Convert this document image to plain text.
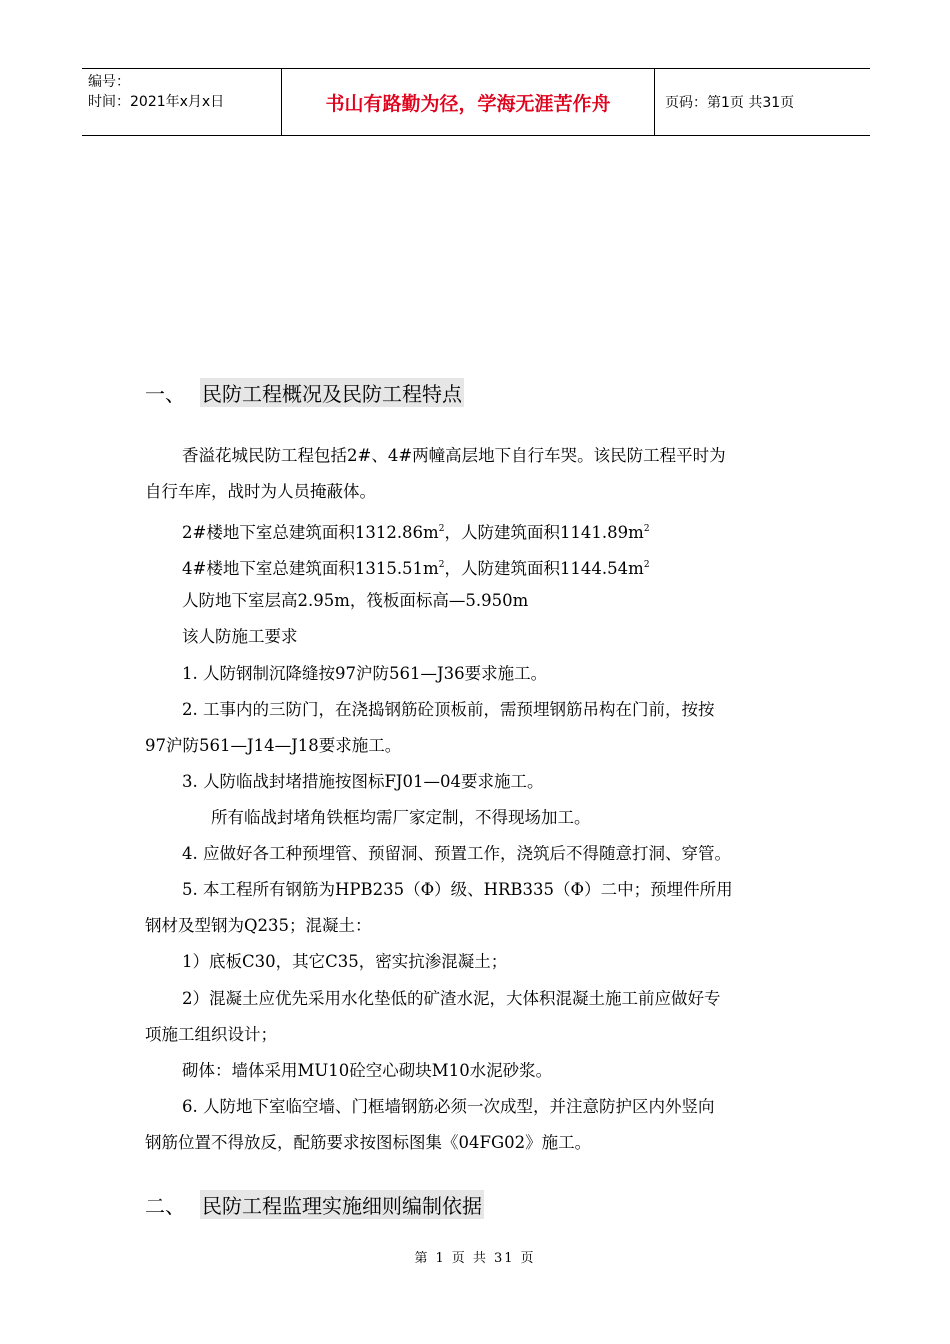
编号：
时间：2021年x月x日	书山有路勤为径，学海无涯苦作舟	页码：第1页 共31页
一、 民防工程概况及民防工程特点
香溢花城民防工程包括2#、4#两幢高层地下自行车哭。该民防工程平时为
自行车库，战时为人员掩蔽体。
2#楼地下室总建筑面积$1312.86m^2$，人防建筑面积$1141.89m^2$
4#楼地下室总建筑面积$1315.51m^2$，人防建筑面积$1144.54m^2$
人防地下室层高2.95m，筏板面标高—5.950m
该人防施工要求
1. 人防钢制沉降缝按97沪防561—J36要求施工。
2. 工事内的三防门，在浇捣钢筋砼顶板前，需预埋钢筋吊构在门前，按按
97沪防561—J14—J18要求施工。
3. 人防临战封堵措施按图标FJ01—04要求施工。
所有临战封堵角铁框均需厂家定制，不得现场加工。
4. 应做好各工种预埋管、预留洞、预置工作，浇筑后不得随意打洞、穿管。
5. 本工程所有钢筋为HPB235（Φ）级、HRB335（Φ）二中；预埋件所用
钢材及型钢为Q235；混凝土：
1）底板C30，其它C35，密实抗渗混凝土；
2）混凝土应优先采用水化垫低的矿渣水泥，大体积混凝土施工前应做好专
项施工组织设计；
砌体：墙体采用MU10砼空心砌块M10水泥砂浆。
6. 人防地下室临空墙、门框墙钢筋必须一次成型，并注意防护区内外竖向
钢筋位置不得放反，配筋要求按图标图集《04FG02》施工。
二、 民防工程监理实施细则编制依据
第 1 页 共 31 页
